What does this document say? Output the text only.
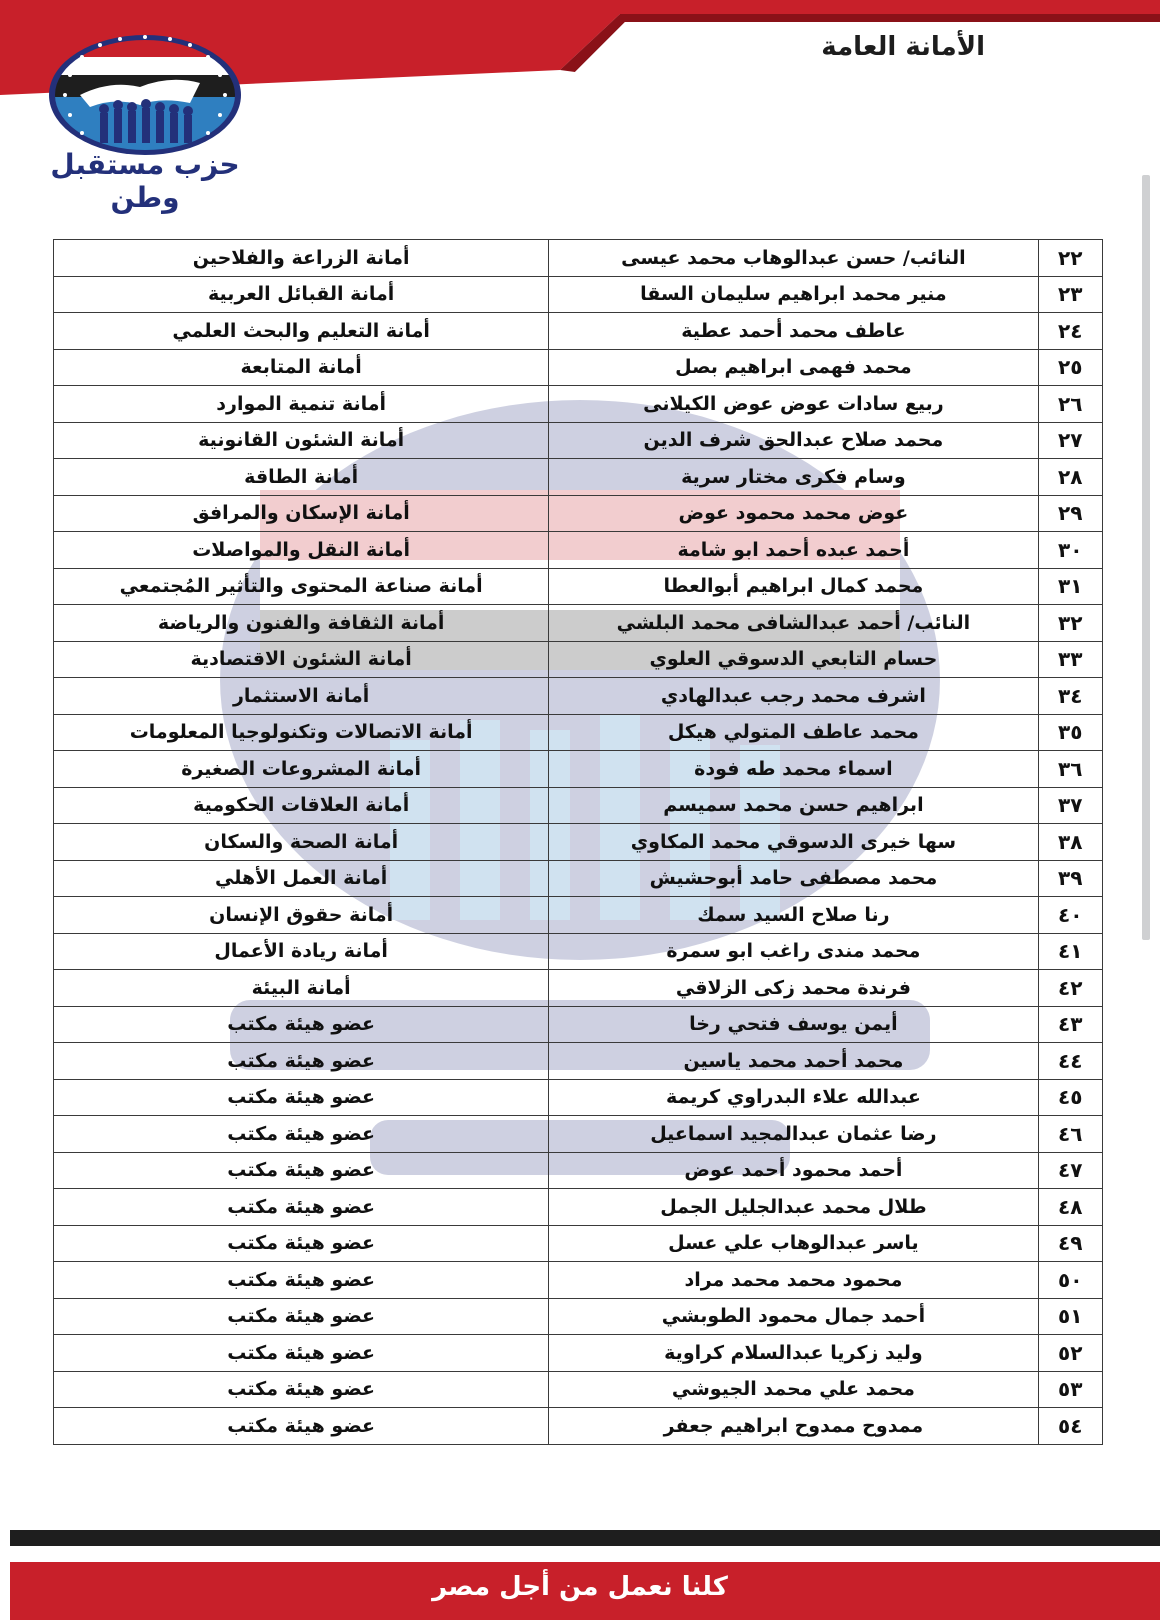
الأمانة العامة
حزب مستقبل وطن
٢٢	النائب/ حسن عبدالوهاب محمد عيسى	أمانة الزراعة والفلاحين
٢٣	منير محمد ابراهيم سليمان السقا	أمانة القبائل العربية
٢٤	عاطف محمد أحمد عطية	أمانة التعليم والبحث العلمي
٢٥	محمد فهمى ابراهيم بصل	أمانة المتابعة
٢٦	ربيع سادات عوض عوض الكيلانى	أمانة تنمية الموارد
٢٧	محمد صلاح عبدالحق شرف الدين	أمانة الشئون القانونية
٢٨	وسام فكرى مختار سرية	أمانة الطاقة
٢٩	عوض محمد محمود عوض	أمانة الإسكان والمرافق
٣٠	أحمد عبده أحمد ابو شامة	أمانة النقل والمواصلات
٣١	محمد كمال ابراهيم أبوالعطا	أمانة صناعة المحتوى والتأثير المُجتمعي
٣٢	النائب/ أحمد عبدالشافى محمد البلشي	أمانة الثقافة والفنون والرياضة
٣٣	حسام التابعي الدسوقي العلوي	أمانة الشئون الاقتصادية
٣٤	اشرف محمد رجب عبدالهادي	أمانة الاستثمار
٣٥	محمد عاطف المتولي هيكل	أمانة الاتصالات وتكنولوجيا المعلومات
٣٦	اسماء محمد طه فودة	أمانة المشروعات الصغيرة
٣٧	ابراهيم حسن محمد سميسم	أمانة العلاقات الحكومية
٣٨	سها خيرى الدسوقي محمد المكاوي	أمانة الصحة والسكان
٣٩	محمد مصطفى حامد أبوحشيش	أمانة العمل الأهلي
٤٠	رنا صلاح السيد سمك	أمانة حقوق الإنسان
٤١	محمد مندى راغب ابو سمرة	أمانة ريادة الأعمال
٤٢	فرندة محمد زكى الزلاقي	أمانة البيئة
٤٣	أيمن يوسف فتحي رخا	عضو هيئة مكتب
٤٤	محمد أحمد محمد ياسين	عضو هيئة مكتب
٤٥	عبدالله علاء البدراوي كريمة	عضو هيئة مكتب
٤٦	رضا عثمان عبدالمجيد اسماعيل	عضو هيئة مكتب
٤٧	أحمد محمود أحمد عوض	عضو هيئة مكتب
٤٨	طلال محمد عبدالجليل الجمل	عضو هيئة مكتب
٤٩	ياسر عبدالوهاب علي عسل	عضو هيئة مكتب
٥٠	محمود محمد محمد مراد	عضو هيئة مكتب
٥١	أحمد جمال محمود الطوبشي	عضو هيئة مكتب
٥٢	وليد زكريا عبدالسلام كراوية	عضو هيئة مكتب
٥٣	محمد علي محمد الجيوشي	عضو هيئة مكتب
٥٤	ممدوح ممدوح ابراهيم جعفر	عضو هيئة مكتب
كلنا نعمل من أجل مصر
